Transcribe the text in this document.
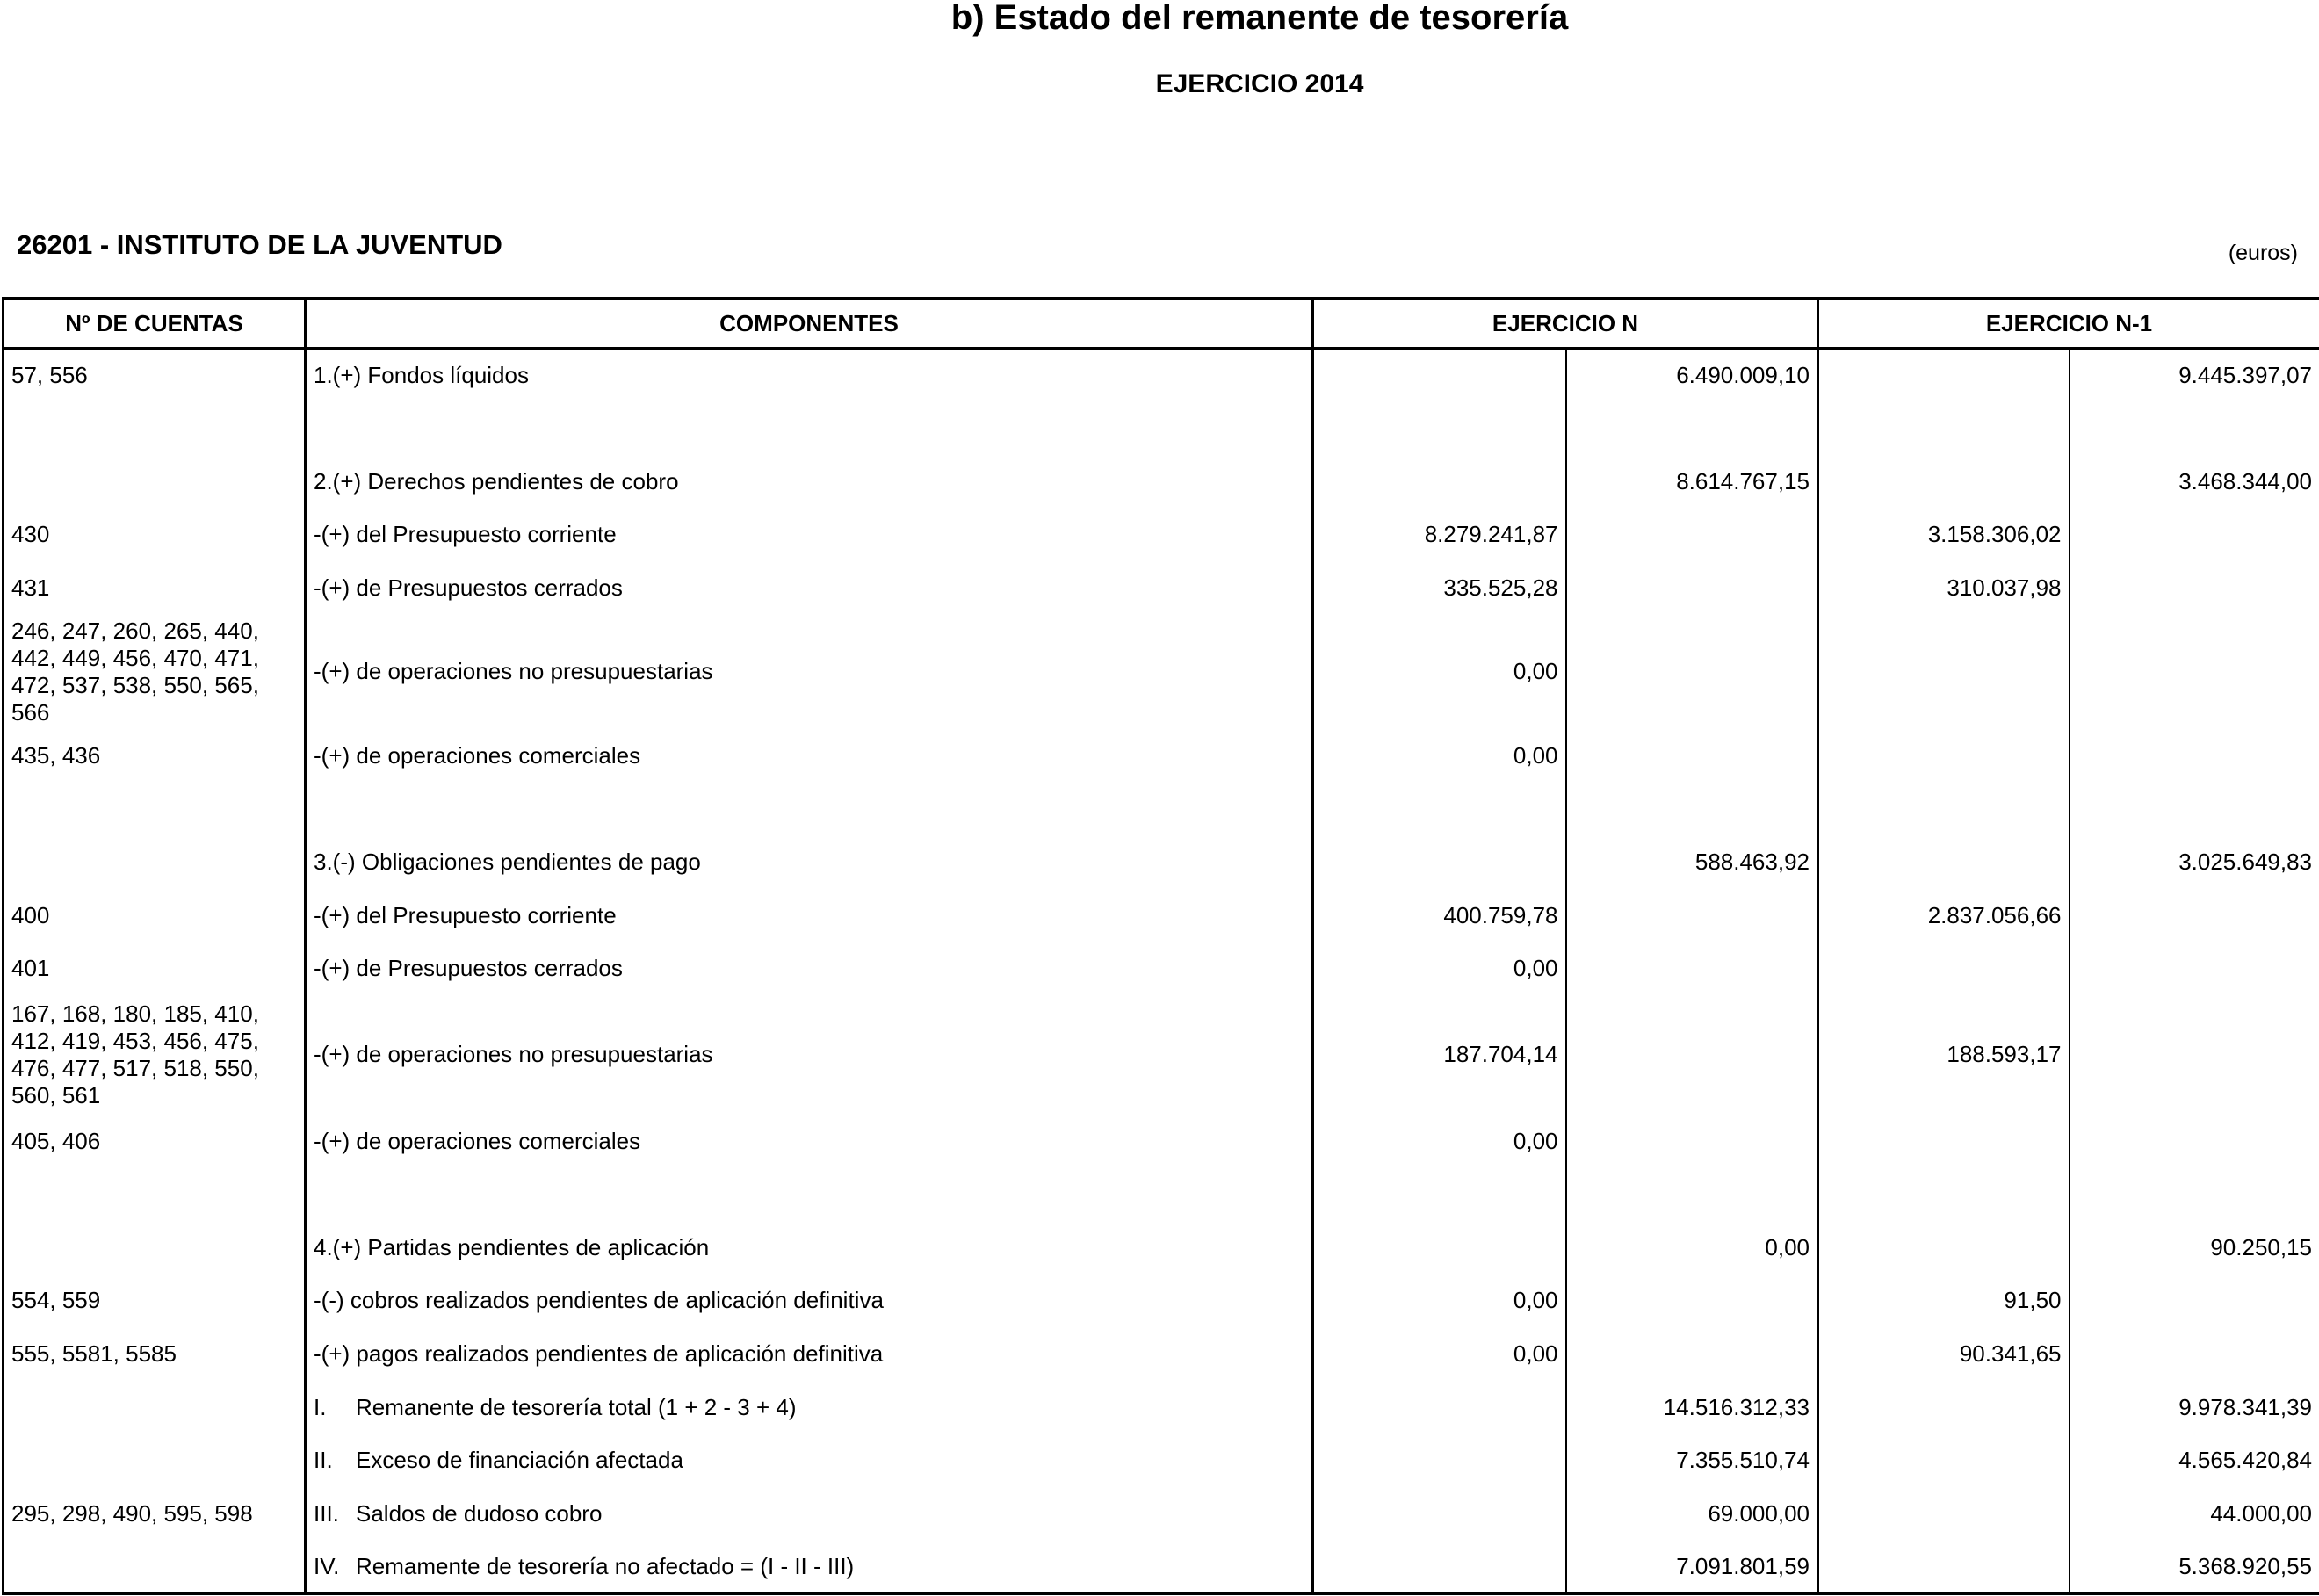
b) Estado del remanente de tesorería
EJERCICIO 2014
26201 - INSTITUTO DE LA JUVENTUD	(euros)
Nº DE CUENTAS	COMPONENTES	EJERCICIO N		EJERCICIO N-1	
57, 556	1.(+) Fondos líquidos		6.490.009,10		9.445.397,07

	2.(+) Derechos pendientes de cobro		8.614.767,15		3.468.344,00
430	-(+) del Presupuesto corriente	8.279.241,87		3.158.306,02	
431	-(+) de Presupuestos cerrados	335.525,28		310.037,98	
246, 247, 260, 265, 440, 442, 449, 456, 470, 471, 472, 537, 538, 550, 565, 566	-(+) de operaciones no presupuestarias	0,00			
435, 436	-(+) de operaciones comerciales	0,00			

	3.(-) Obligaciones pendientes de pago		588.463,92		3.025.649,83
400	-(+) del Presupuesto corriente	400.759,78		2.837.056,66	
401	-(+) de Presupuestos cerrados	0,00			
167, 168, 180, 185, 410, 412, 419, 453, 456, 475, 476, 477, 517, 518, 550, 560, 561	-(+) de operaciones no presupuestarias	187.704,14		188.593,17	
405, 406	-(+) de operaciones comerciales	0,00			

	4.(+) Partidas pendientes de aplicación		0,00		90.250,15
554, 559	-(-) cobros realizados pendientes de aplicación definitiva	0,00		91,50	
555, 5581, 5585	-(+) pagos realizados pendientes de aplicación definitiva	0,00		90.341,65	
	I. Remanente de tesorería total (1 + 2 - 3 + 4)		14.516.312,33		9.978.341,39
	II. Exceso de financiación afectada		7.355.510,74		4.565.420,84
295, 298, 490, 595, 598	III. Saldos de dudoso cobro		69.000,00		44.000,00
	IV. Remamente de tesorería no afectado = (I - II - III)		7.091.801,59		5.368.920,55
